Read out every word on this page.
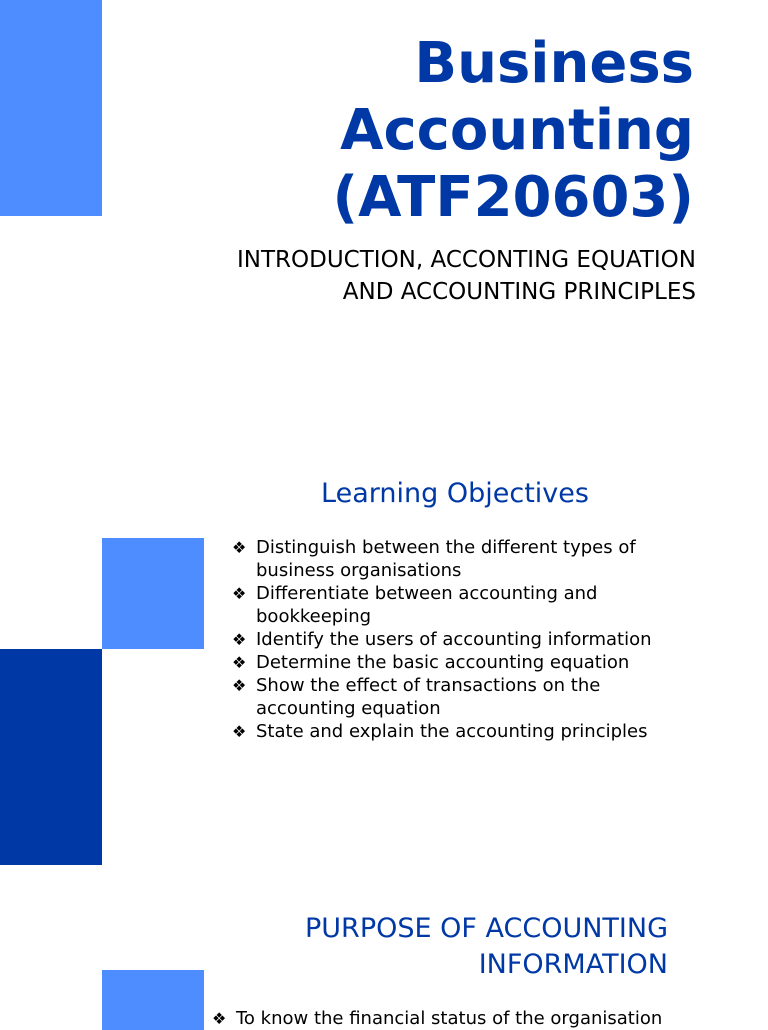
Business
Accounting
(ATF20603)
INTRODUCTION, ACCONTING EQUATION
AND ACCOUNTING PRINCIPLES
Learning Objectives
❖ Distinguish between the different types of business organisations
❖ Differentiate between accounting and bookkeeping
❖ Identify the users of accounting information
❖ Determine the basic accounting equation
❖ Show the effect of transactions on the accounting equation
❖ State and explain the accounting principles
PURPOSE OF ACCOUNTING
INFORMATION
❖ To know the financial status of the organisation
